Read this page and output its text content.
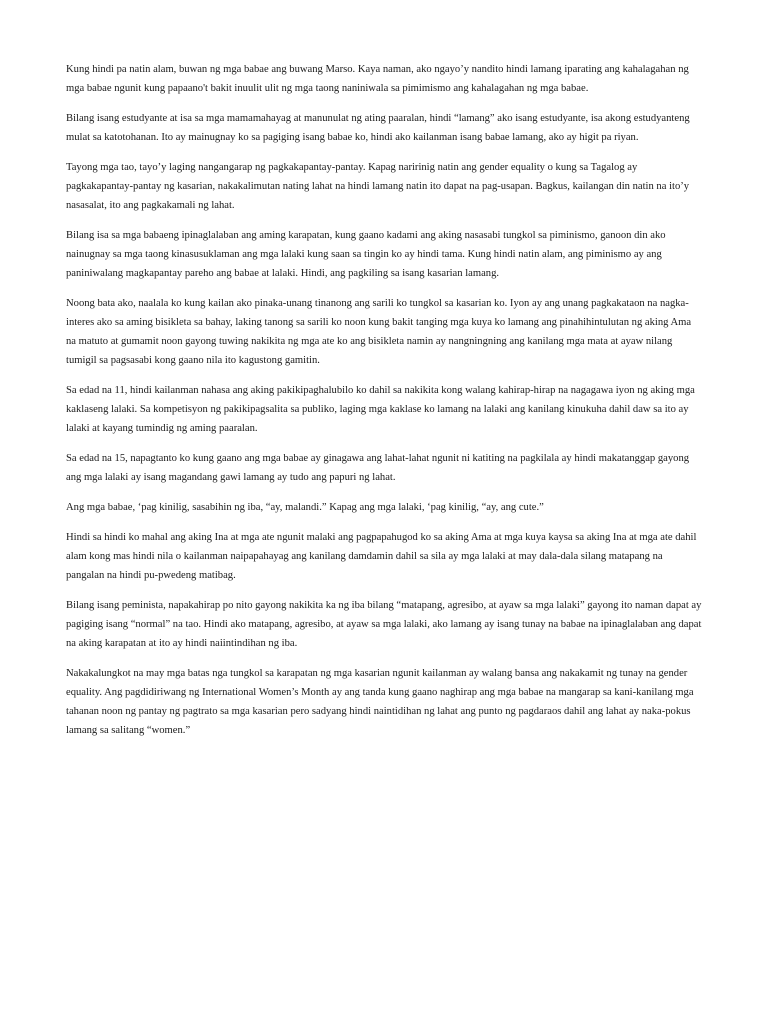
Kung hindi pa natin alam, buwan ng mga babae ang buwang Marso. Kaya naman, ako ngayo’y nandito hindi lamang iparating ang kahalagahan ng mga babae ngunit kung papaano't bakit inuulit ulit ng mga taong naniniwala sa pimimismo ang kahalagahan ng mga babae.

Bilang isang estudyante at isa sa mga mamamahayag at manunulat ng ating paaralan, hindi “lamang” ako isang estudyante, isa akong estudyanteng mulat sa katotohanan. Ito ay mainugnay ko sa pagiging isang babae ko, hindi ako kailanman isang babae lamang, ako ay higit pa riyan.

Tayong mga tao, tayo’y laging nangangarap ng pagkakapantay-pantay. Kapag naririnig natin ang gender equality o kung sa Tagalog ay pagkakapantay-pantay ng kasarian, nakakalimutan nating lahat na hindi lamang natin ito dapat na pag-usapan. Bagkus, kailangan din natin na ito’y nasasalat, ito ang pagkakamali ng lahat.

Bilang isa sa mga babaeng ipinaglalaban ang aming karapatan, kung gaano kadami ang aking nasasabi tungkol sa piminismo, ganoon din ako nainugnay sa mga taong kinasusuklaman ang mga lalaki kung saan sa tingin ko ay hindi tama. Kung hindi natin alam, ang piminismo ay ang paniniwalang magkapantay pareho ang babae at lalaki. Hindi, ang pagkiling sa isang kasarian lamang.

Noong bata ako, naalala ko kung kailan ako pinaka-unang tinanong ang sarili ko tungkol sa kasarian ko. Iyon ay ang unang pagkakataon na nagka-interes ako sa aming bisikleta sa bahay, laking tanong sa sarili ko noon kung bakit tanging mga kuya ko lamang ang pinahihintulutan ng aking Ama na matuto at gumamit noon gayong tuwing nakikita ng mga ate ko ang bisikleta namin ay nangningning ang kanilang mga mata at ayaw nilang tumigil sa pagsasabi kong gaano nila ito kagustong gamitin.

Sa edad na 11, hindi kailanman nahasa ang aking pakikipaghalubilo ko dahil sa nakikita kong walang kahirap-hirap na nagagawa iyon ng aking mga kaklaseng lalaki. Sa kompetisyon ng pakikipagsalita sa publiko, laging mga kaklase ko lamang na lalaki ang kanilang kinukuha dahil daw sa ito ay lalaki at kayang tumindig ng aming paaralan.

Sa edad na 15, napagtanto ko kung gaano ang mga babae ay ginagawa ang lahat-lahat ngunit ni katiting na pagkilala ay hindi makatanggap gayong ang mga lalaki ay isang magandang gawi lamang ay tudo ang papuri ng lahat.

Ang mga babae, ‘pag kinilig, sasabihin ng iba, “ay, malandi.” Kapag ang mga lalaki, ‘pag kinilig, “ay, ang cute.”

Hindi sa hindi ko mahal ang aking Ina at mga ate ngunit malaki ang pagpapahugod ko sa aking Ama at mga kuya kaysa sa aking Ina at mga ate dahil alam kong mas hindi nila o kailanman naipapahayag ang kanilang damdamin dahil sa sila ay mga lalaki at may dala-dala silang matapang na pangalan na hindi pu-pwedeng matibag.

Bilang isang peminista, napakahirap po nito gayong nakikita ka ng iba bilang “matapang, agresibo, at ayaw sa mga lalaki” gayong ito naman dapat ay pagiging isang “normal” na tao. Hindi ako matapang, agresibo, at ayaw sa mga lalaki, ako lamang ay isang tunay na babae na ipinaglalaban ang dapat na aking karapatan at ito ay hindi naiintindihan ng iba.

Nakakalungkot na may mga batas nga tungkol sa karapatan ng mga kasarian ngunit kailanman ay walang bansa ang nakakamit ng tunay na gender equality. Ang pagdidiriwang ng International Women’s Month ay ang tanda kung gaano naghirap ang mga babae na mangarap sa kani-kanilang mga tahanan noon ng pantay ng pagtrato sa mga kasarian pero sadyang hindi naintidihan ng lahat ang punto ng pagdaraos dahil ang lahat ay naka-pokus lamang sa salitang “women.”
